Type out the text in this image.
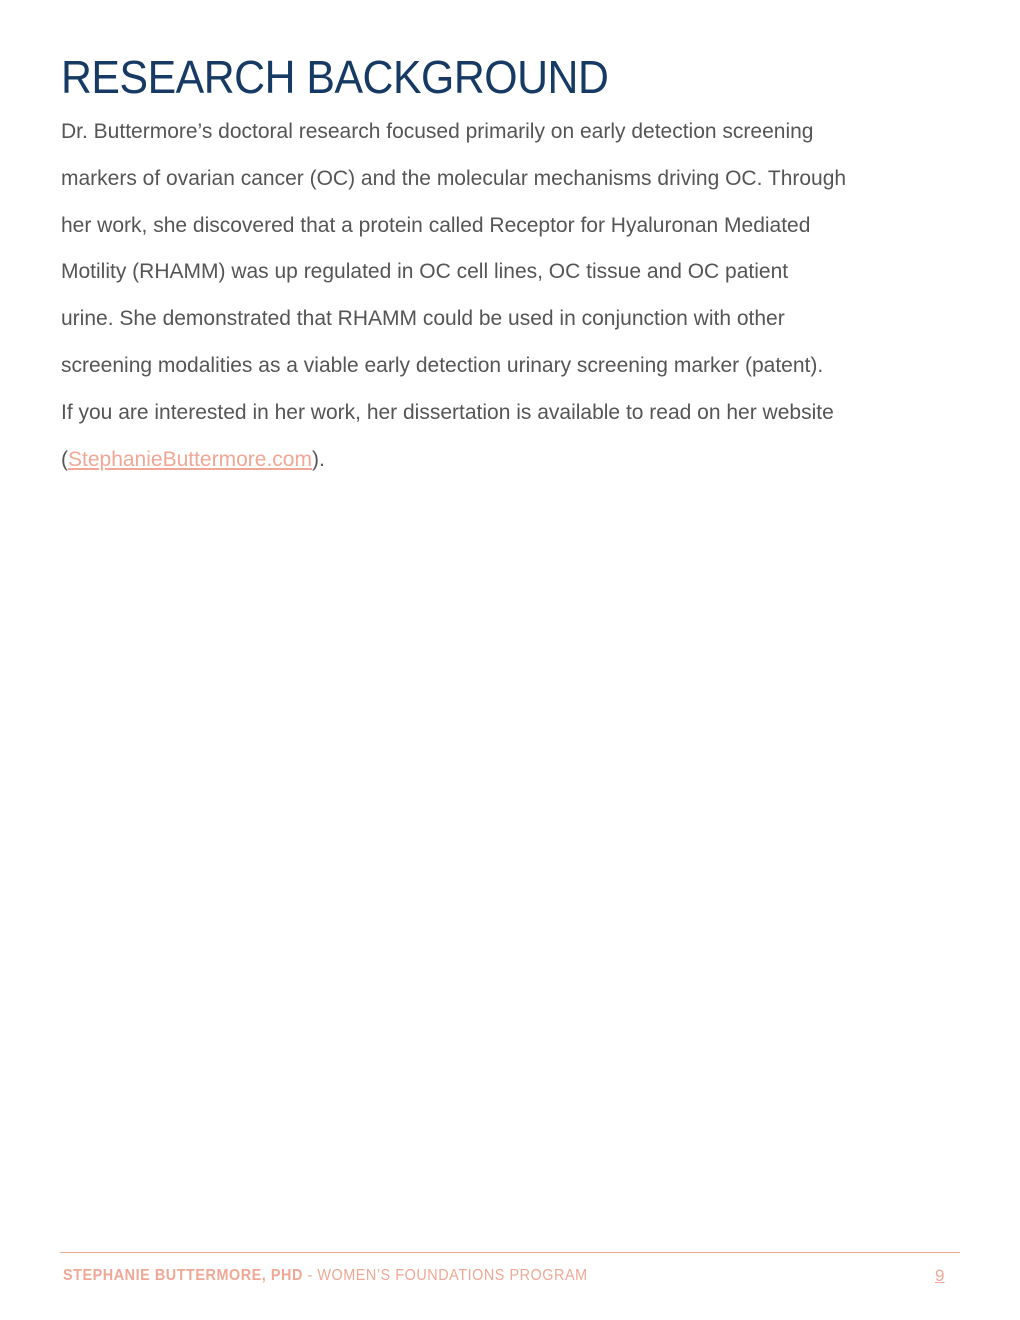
RESEARCH BACKGROUND
Dr. Buttermore’s doctoral research focused primarily on early detection screening
markers of ovarian cancer (OC) and the molecular mechanisms driving OC. Through
her work, she discovered that a protein called Receptor for Hyaluronan Mediated
Motility (RHAMM) was up regulated in OC cell lines, OC tissue and OC patient
urine. She demonstrated that RHAMM could be used in conjunction with other
screening modalities as a viable early detection urinary screening marker (patent).
If you are interested in her work, her dissertation is available to read on her website
(StephanieButtermore.com).
STEPHANIE BUTTERMORE, PHD - WOMEN’S FOUNDATIONS PROGRAM	9
